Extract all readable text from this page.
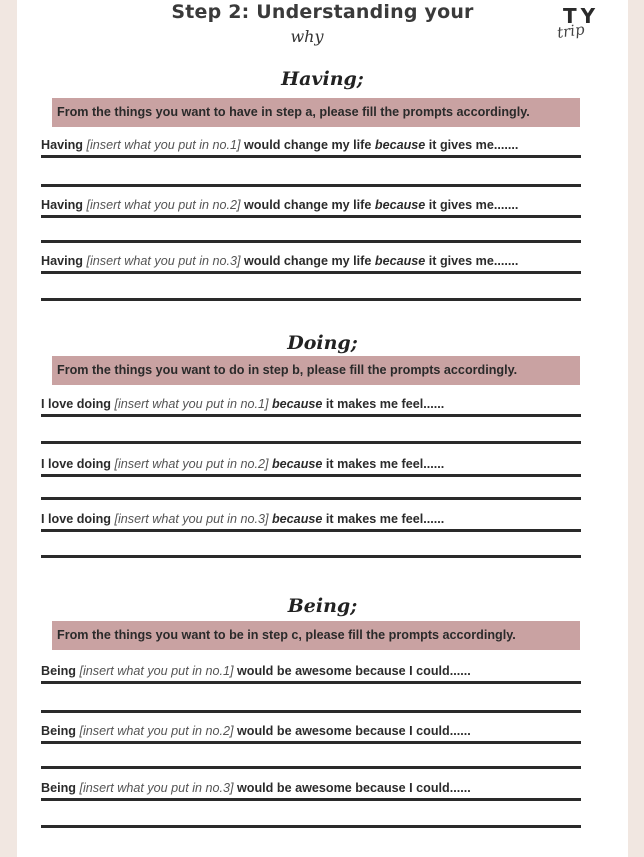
Step 2: Understanding your
why
TY
trip
Having;
From the things you want to have in step a, please fill the prompts accordingly.
Having [insert what you put in no.1] would change my life because it gives me.......
Having [insert what you put in no.2] would change my life because it gives me.......
Having [insert what you put in no.3] would change my life because it gives me.......
Doing;
From the things you want to do in step b, please fill the prompts accordingly.
I love doing [insert what you put in no.1] because it makes me feel......
I love doing [insert what you put in no.2] because it makes me feel......
I love doing [insert what you put in no.3] because it makes me feel......
Being;
From the things you want to be in step c, please fill the prompts accordingly.
Being [insert what you put in no.1] would be awesome because I could......
Being [insert what you put in no.2] would be awesome because I could......
Being [insert what you put in no.3] would be awesome because I could......
